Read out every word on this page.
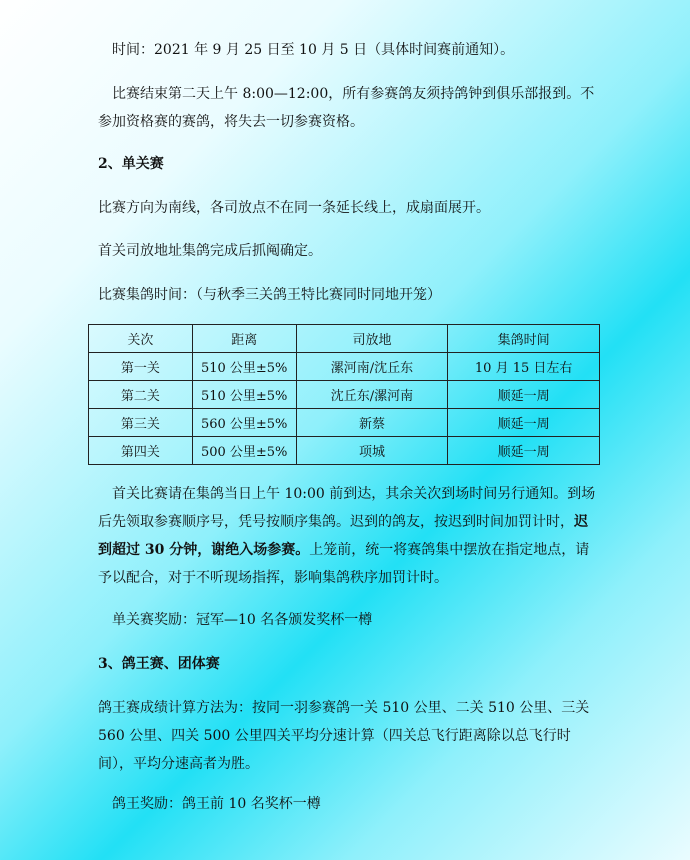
时间：2021 年 9 月 25 日至 10 月 5 日（具体时间赛前通知）。

比赛结束第二天上午 8:00—12:00，所有参赛鸽友须持鸽钟到俱乐部报到。不参加资格赛的赛鸽，将失去一切参赛资格。

2、单关赛

比赛方向为南线，各司放点不在同一条延长线上，成扇面展开。

首关司放地址集鸽完成后抓阄确定。

比赛集鸽时间：（与秋季三关鸽王特比赛同时同地开笼）

关次	距离	司放地	集鸽时间
第一关	510 公里±5%	漯河南/沈丘东	10 月 15 日左右
第二关	510 公里±5%	沈丘东/漯河南	顺延一周
第三关	560 公里±5%	新蔡	顺延一周
第四关	500 公里±5%	项城	顺延一周

首关比赛请在集鸽当日上午 10:00 前到达，其余关次到场时间另行通知。到场后先领取参赛顺序号，凭号按顺序集鸽。迟到的鸽友，按迟到时间加罚计时，迟到超过 30 分钟，谢绝入场参赛。上笼前，统一将赛鸽集中摆放在指定地点，请予以配合，对于不听现场指挥，影响集鸽秩序加罚计时。

单关赛奖励：冠军—10 名各颁发奖杯一樽

3、鸽王赛、团体赛

鸽王赛成绩计算方法为：按同一羽参赛鸽一关 510 公里、二关 510 公里、三关 560 公里、四关 500 公里四关平均分速计算（四关总飞行距离除以总飞行时间），平均分速高者为胜。

鸽王奖励：鸽王前 10 名奖杯一樽
